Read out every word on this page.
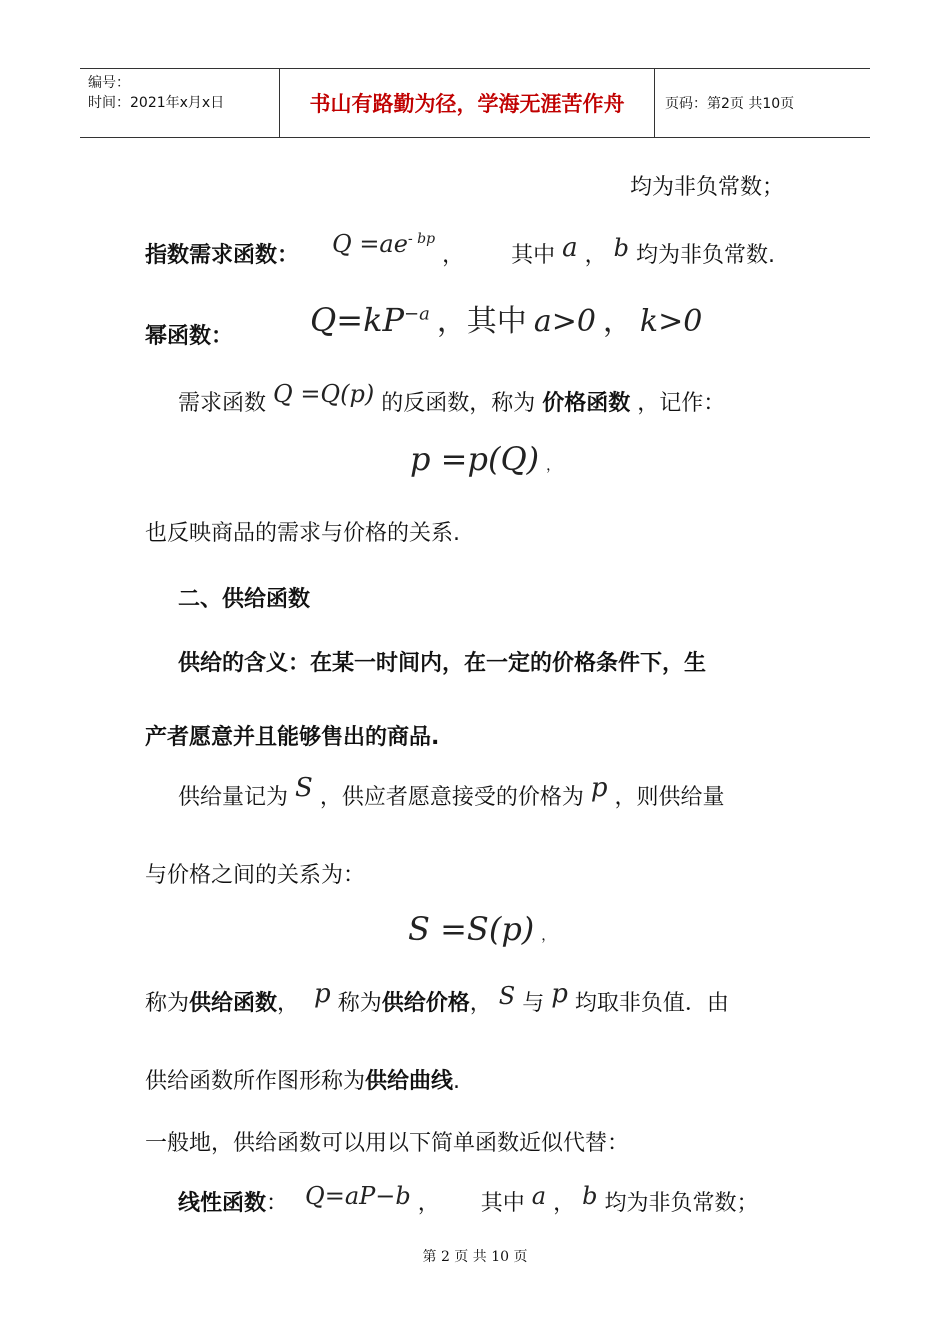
编号：
时间：2021年x月x日	书山有路勤为径，学海无涯苦作舟	页码：第2页 共10页
均为非负常数；
指数需求函数： $Q =ae^{- bp}$ ， 其中 a ， b 均为非负常数.
幂函数： $Q=kP^{-a}$ ，其中 a>0 ， k>0
需求函数 Q =Q(p) 的反函数，称为 价格函数 ，记作：
p =p(Q) ，
也反映商品的需求与价格的关系.
二、供给函数
供给的含义：在某一时间内，在一定的价格条件下，生
产者愿意并且能够售出的商品.
供给量记为 S ，供应者愿意接受的价格为 p ，则供给量
与价格之间的关系为：
S =S(p) ，
称为供给函数， p 称为供给价格， S 与 p 均取非负值．由
供给函数所作图形称为供给曲线.
一般地，供给函数可以用以下简单函数近似代替：
线性函数： Q=aP−b ， 其中 a ， b 均为非负常数；
第 2 页 共 10 页
